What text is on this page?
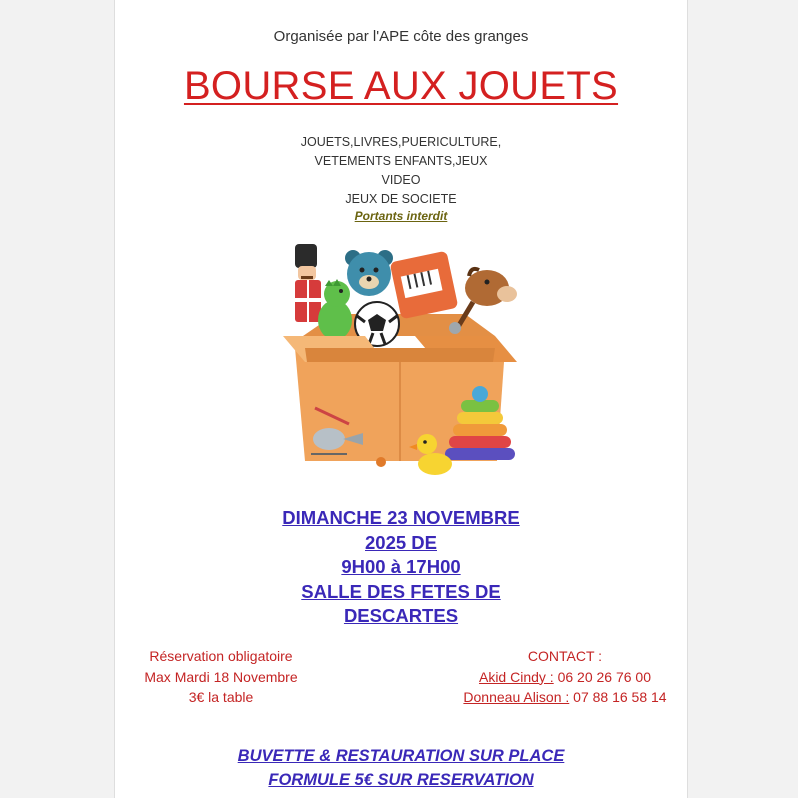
Organisée par l'APE côte des granges
BOURSE AUX JOUETS
JOUETS,LIVRES,PUERICULTURE,
VETEMENTS ENFANTS,JEUX
VIDEO
JEUX DE SOCIETE
Portants interdit
DIMANCHE 23 NOVEMBRE
2025 DE
9H00 à 17H00
SALLE DES FETES DE
DESCARTES
Réservation obligatoire
Max Mardi 18 Novembre
3€ la table
CONTACT :
Akid Cindy : 06 20 26 76 00
Donneau Alison : 07 88 16 58 14
BUVETTE & RESTAURATION SUR PLACE
FORMULE 5€ SUR RESERVATION
